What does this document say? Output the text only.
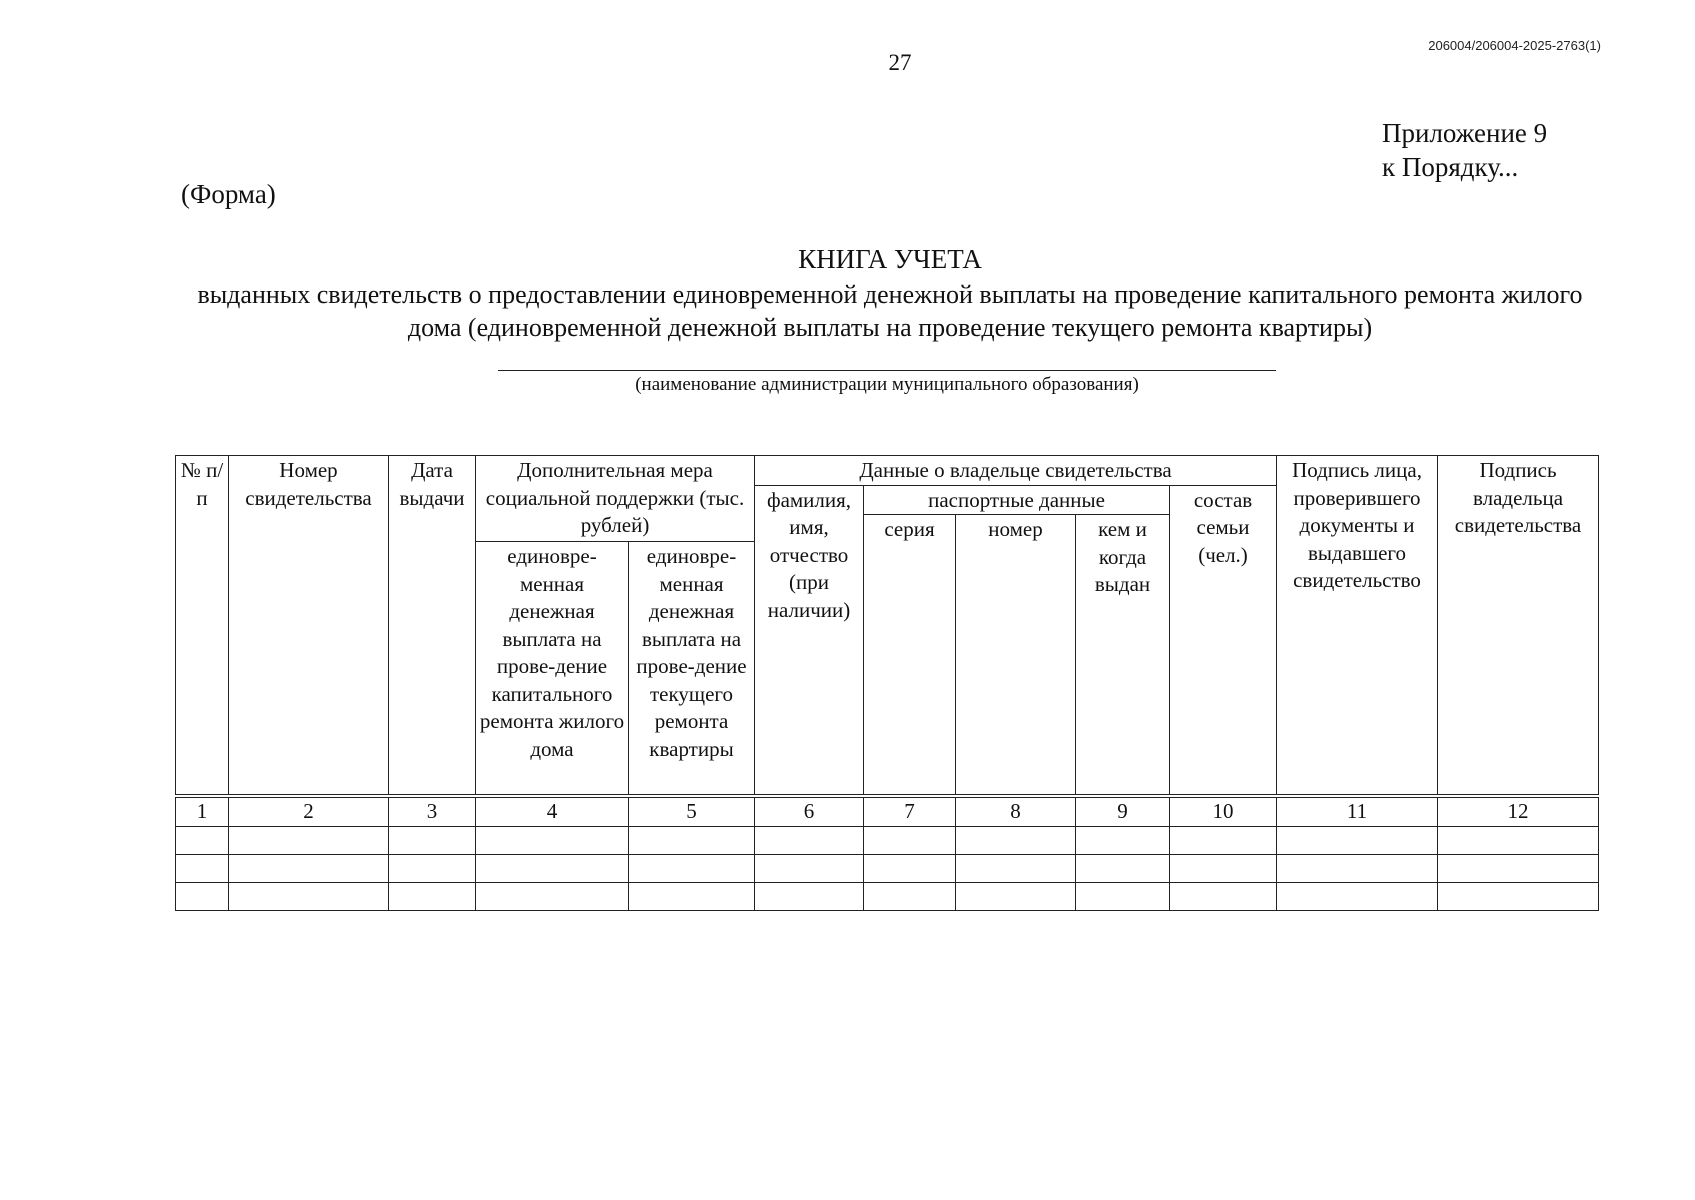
206004/206004-2025-2763(1)
27
Приложение 9
к Порядку...
(Форма)
КНИГА УЧЕТА
выданных свидетельств о предоставлении единовременной денежной выплаты на проведение капитального ремонта жилого дома (единовременной денежной выплаты на проведение текущего ремонта квартиры)
(наименование администрации муниципального образования)
№ п/п	Номер свидетельства	Дата выдачи	Дополнительная мера социальной поддержки (тыс. рублей)		Данные о владельце свидетельства					Подпись лица, проверившего документы и выдавшего свидетельство	Подпись владельца свидетельства
					фамилия, имя, отчество (при наличии)	паспортные данные			состав семьи (чел.)		
						серия	номер	кем и когда выдан			
			единовре-менная денежная выплата на прове-дение капитального ремонта жилого дома	единовре-менная денежная выплата на прове-дение текущего ремонта квартиры							
1	2	3	4	5	6	7	8	9	10	11	12
